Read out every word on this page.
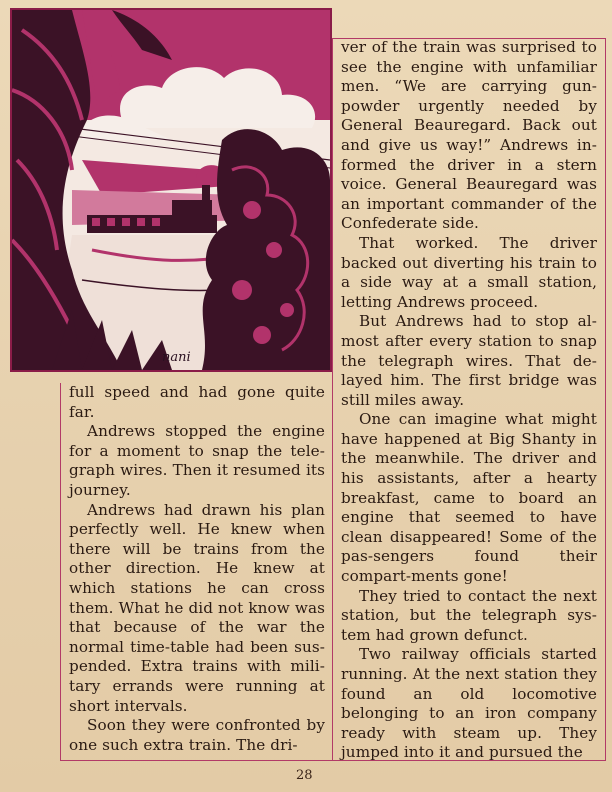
nani

ver of the train was surprised to see the engine with unfamiliar men. “We are carrying gun-powder urgently needed by General Beauregard. Back out and give us way!” Andrews in-formed the driver in a stern voice. General Beauregard was an important commander of the Confederate side.

That worked. The driver backed out diverting his train to a side way at a small station, letting Andrews proceed.

But Andrews had to stop al-most after every station to snap the telegraph wires. That de-layed him. The first bridge was still miles away.

One can imagine what might have happened at Big Shanty in the meanwhile. The driver and his assistants, after a hearty breakfast, came to board an engine that seemed to have clean disappeared! Some of the pas-sengers found their compart-ments gone!

They tried to contact the next station, but the telegraph sys-tem had grown defunct.

Two railway officials started running. At the next station they found an old locomotive belonging to an iron company ready with steam up. They jumped into it and pursued the

full speed and had gone quite far.

Andrews stopped the engine for a moment to snap the tele-graph wires. Then it resumed its journey.

Andrews had drawn his plan perfectly well. He knew when there will be trains from the other direction. He knew at which stations he can cross them. What he did not know was that because of the war the normal time-table had been sus-pended. Extra trains with mili-tary errands were running at short intervals.

Soon they were confronted by one such extra train. The dri-

28
